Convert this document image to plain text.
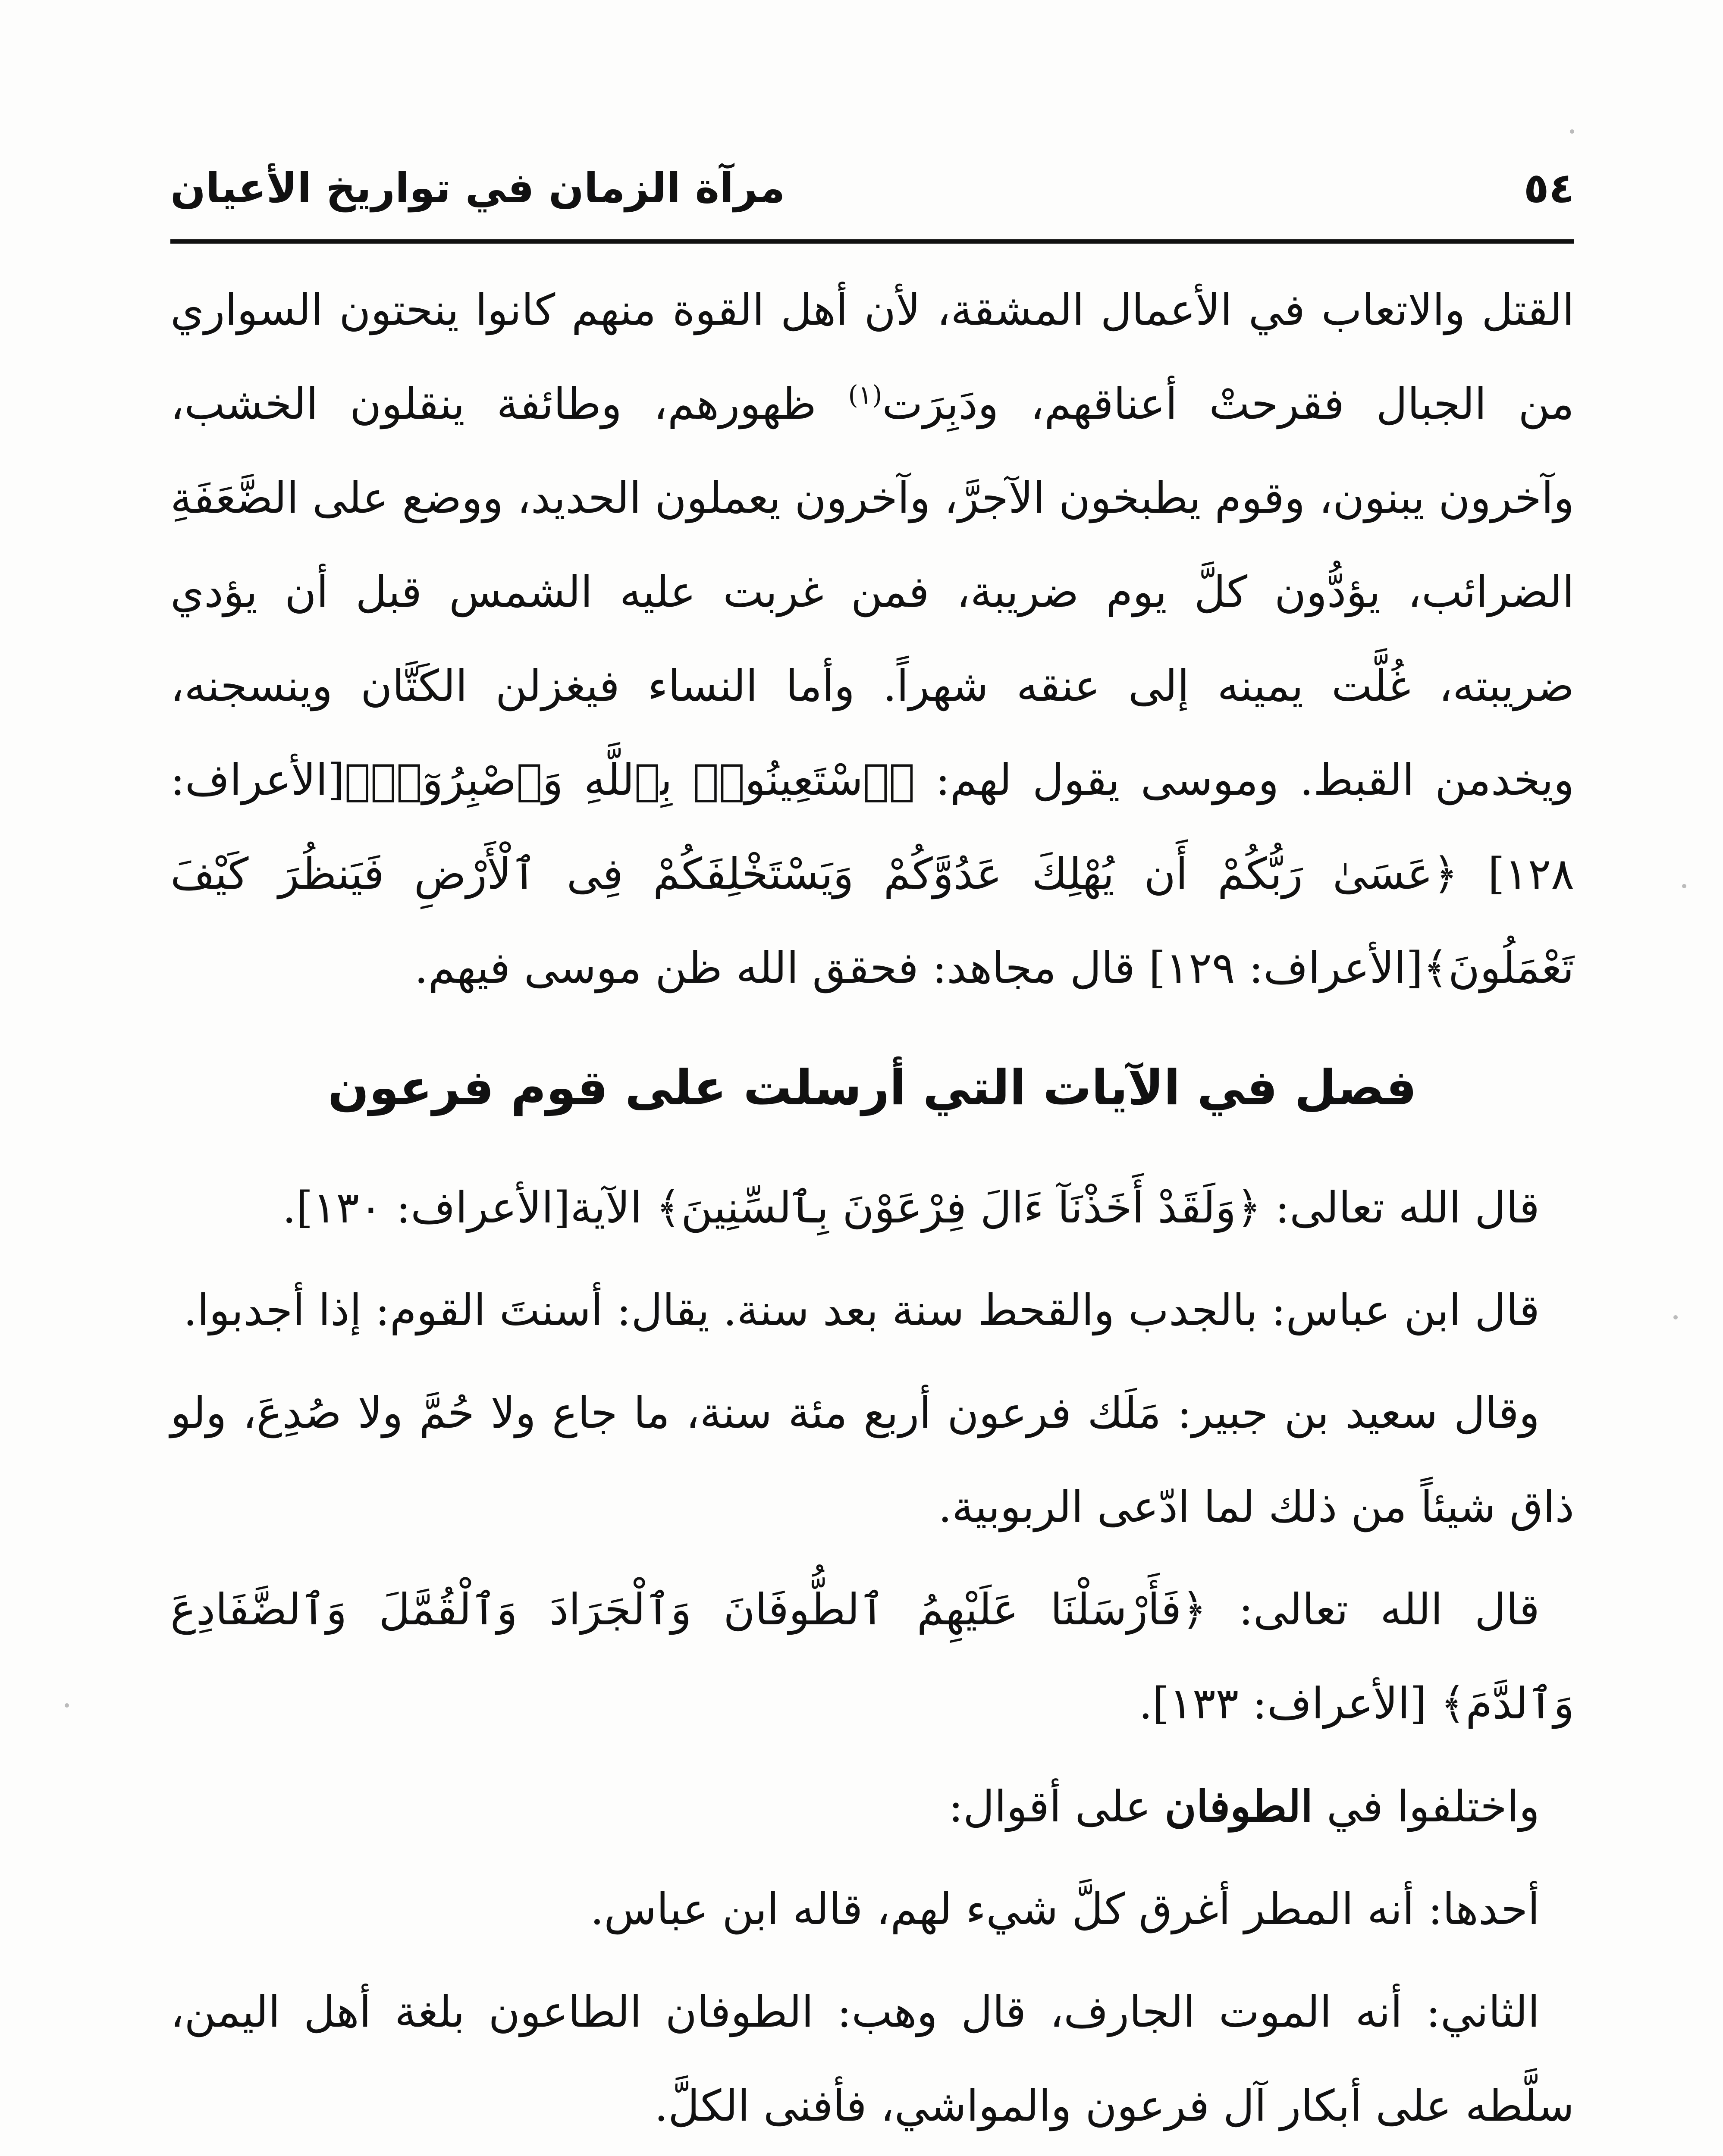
٥٤
مرآة الزمان في تواريخ الأعيان

القتل والاتعاب في الأعمال المشقة، لأن أهل القوة منهم كانوا ينحتون السواري من الجبال فقرحتْ أعناقهم، ودَبِرَت$^{(١)}$ ظهورهم، وطائفة ينقلون الخشب، وآخرون يبنون، وقوم يطبخون الآجرَّ، وآخرون يعملون الحديد، ووضع على الضَّعَفَةِ الضرائب، يؤدُّون كلَّ يوم ضريبة، فمن غربت عليه الشمس قبل أن يؤدي ضريبته، غُلَّت يمينه إلى عنقه شهراً. وأما النساء فيغزلن الكَتَّان وينسجنه، ويخدمن القبط. وموسى يقول لهم: ﴿ٱسْتَعِينُوا۟ بِٱللَّهِ وَٱصْبِرُوٓا۟﴾[الأعراف: ١٢٨] ﴿عَسَىٰ رَبُّكُمْ أَن يُهْلِكَ عَدُوَّكُمْ وَيَسْتَخْلِفَكُمْ فِى ٱلْأَرْضِ فَيَنظُرَ كَيْفَ تَعْمَلُونَ﴾[الأعراف: ١٢٩] قال مجاهد: فحقق الله ظن موسى فيهم.

فصل في الآيات التي أرسلت على قوم فرعون

قال الله تعالى: ﴿وَلَقَدْ أَخَذْنَآ ءَالَ فِرْعَوْنَ بِٱلسِّنِينَ﴾ الآية[الأعراف: ١٣٠].

قال ابن عباس: بالجدب والقحط سنة بعد سنة. يقال: أسنتَ القوم: إذا أجدبوا.

وقال سعيد بن جبير: مَلَك فرعون أربع مئة سنة، ما جاع ولا حُمَّ ولا صُدِعَ، ولو ذاق شيئاً من ذلك لما ادّعى الربوبية.

قال الله تعالى: ﴿فَأَرْسَلْنَا عَلَيْهِمُ ٱلطُّوفَانَ وَٱلْجَرَادَ وَٱلْقُمَّلَ وَٱلضَّفَادِعَ وَٱلدَّمَ﴾ [الأعراف: ١٣٣].

واختلفوا في الطوفان على أقوال:

أحدها: أنه المطر أغرق كلَّ شيء لهم، قاله ابن عباس.

الثاني: أنه الموت الجارف، قال وهب: الطوفان الطاعون بلغة أهل اليمن، سلَّطه على أبكار آل فرعون والمواشي، فأفنى الكلَّ.
